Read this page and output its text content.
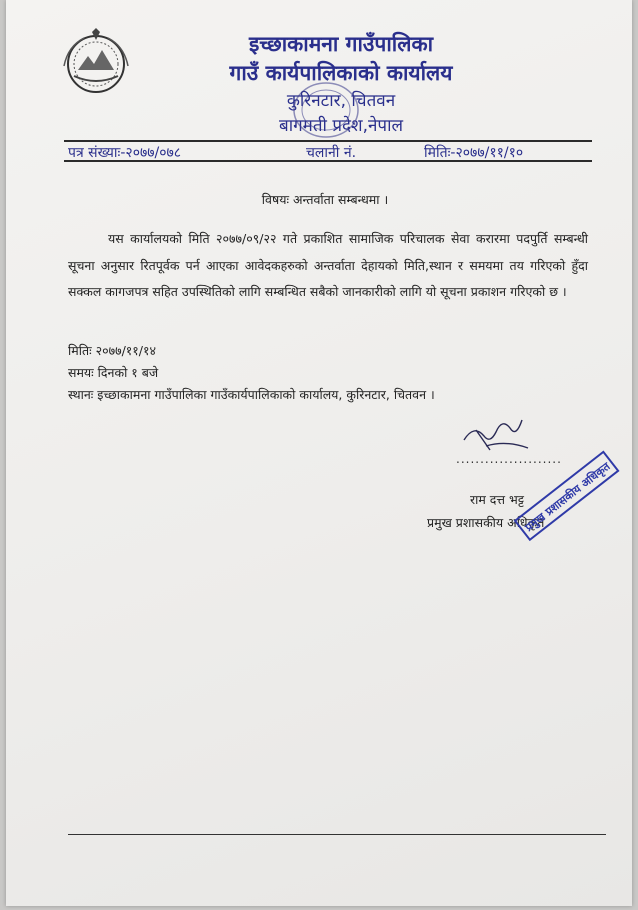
इच्छाकामना गाउँपालिका
गाउँ कार्यपालिकाको कार्यालय
कुरिनटार, चितवन
बागमती प्रदेश,नेपाल
पत्र संख्याः-२०७७/०७८	चलानी नं.	मितिः-२०७७/११/१०
विषयः अन्तर्वाता सम्बन्धमा ।
यस कार्यालयको मिति २०७७/०९/२२ गते प्रकाशित सामाजिक परिचालक सेवा करारमा पदपुर्ति सम्बन्धी सूचना अनुसार रितपूर्वक पर्न आएका आवेदकहरुको अन्तर्वाता देहायको मिति,स्थान र समयमा तय गरिएको हुँदा सक्कल कागजपत्र सहित उपस्थितिको लागि सम्बन्धित सबैको जानकारीको लागि यो सूचना प्रकाशन गरिएको छ ।
मितिः २०७७/११/१४
समयः दिनको १ बजे
स्थानः इच्छाकामना गाउँपालिका गाउँकार्यपालिकाको कार्यालय, कुरिनटार, चितवन ।
......................
राम दत्त भट्ट
प्रमुख प्रशासकीय अधिकृत
प्रमुख प्रशासकीय अधिकृत
